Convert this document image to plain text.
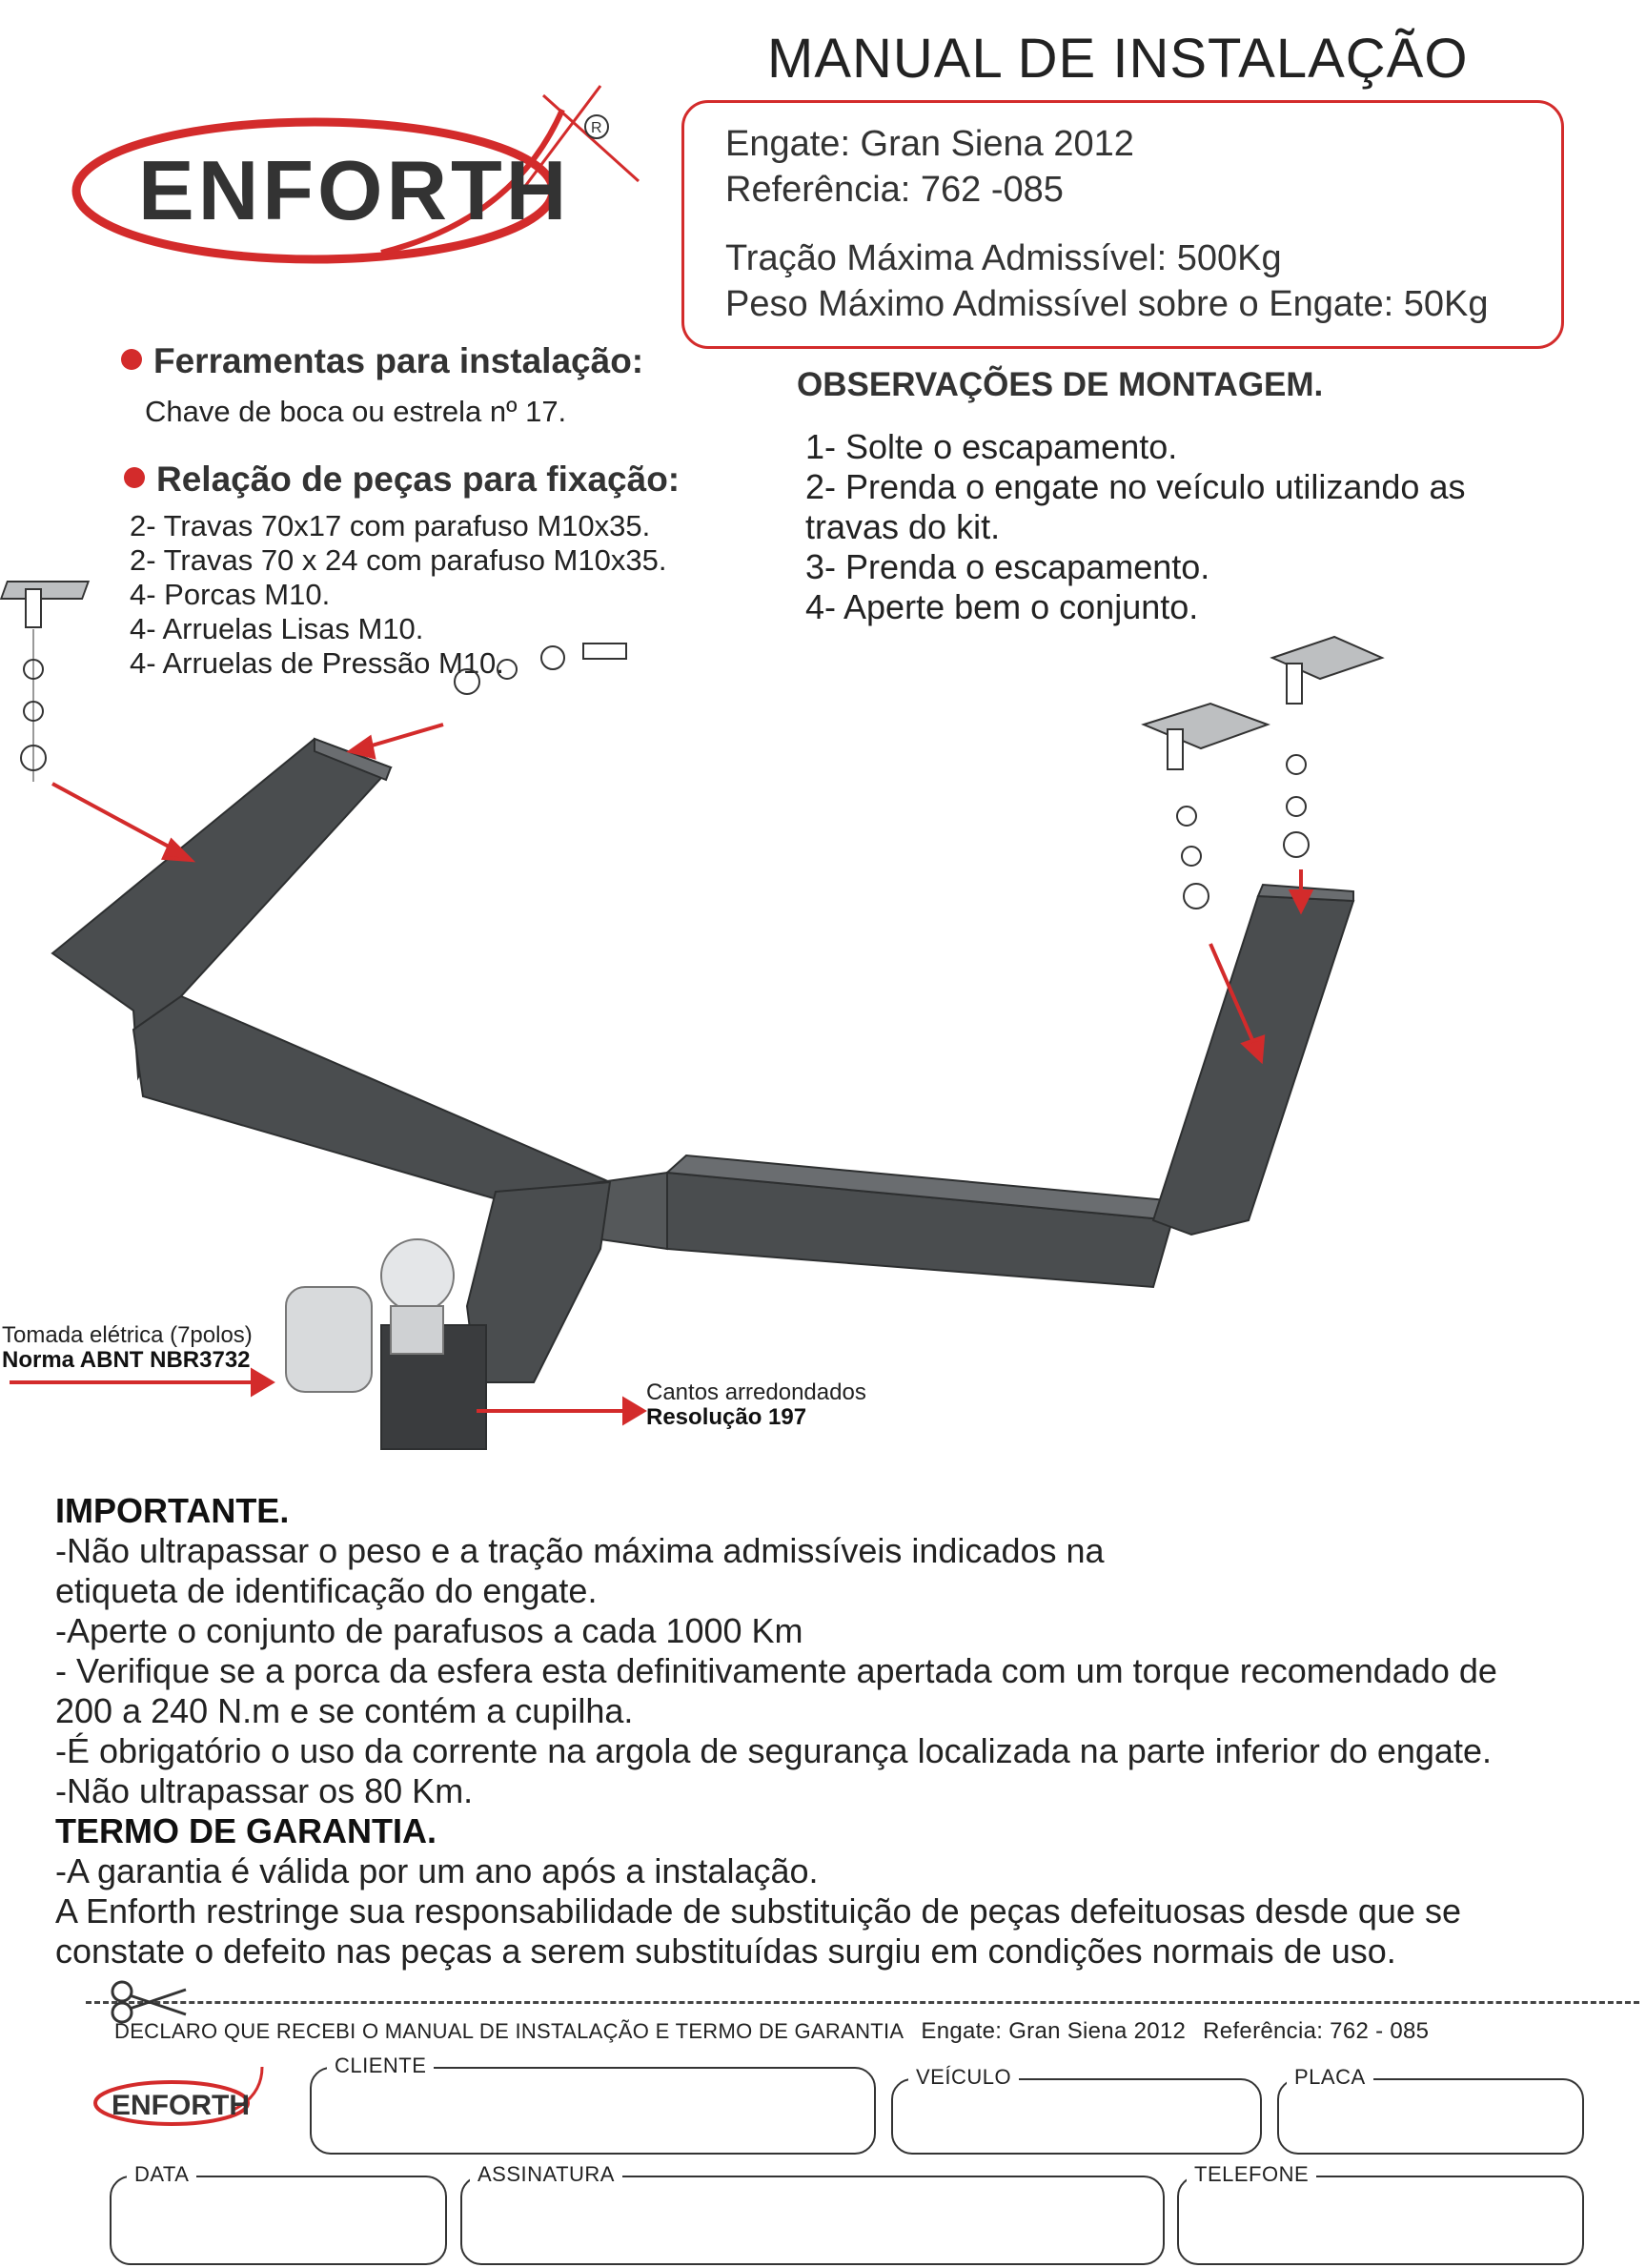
ENFORTH
R
MANUAL DE INSTALAÇÃO
Engate: Gran Siena 2012
Referência: 762 -085
Tração Máxima Admissível: 500Kg
Peso Máximo Admissível sobre o Engate: 50Kg
Ferramentas para instalação:
Chave de boca ou estrela nº 17.
Relação de peças para fixação:
2- Travas 70x17 com parafuso M10x35.
2- Travas 70 x 24 com parafuso M10x35.
4- Porcas M10.
4- Arruelas Lisas M10.
4- Arruelas de Pressão M10.
OBSERVAÇÕES DE MONTAGEM.
1- Solte o escapamento.
2- Prenda o engate no veículo utilizando as
travas do kit.
3- Prenda o escapamento.
4- Aperte bem o conjunto.
Tomada elétrica (7polos)
Norma ABNT NBR3732
Cantos arredondados
Resolução 197
IMPORTANTE.
-Não ultrapassar o peso e a tração máxima admissíveis indicados na
etiqueta de identificação do engate.
-Aperte o conjunto de parafusos a cada 1000 Km
- Verifique se a porca da esfera esta definitivamente apertada com um torque recomendado de
200 a 240 N.m e se contém a cupilha.
-É obrigatório o uso da corrente na argola de segurança localizada na parte inferior do engate.
-Não ultrapassar os 80 Km.
TERMO DE GARANTIA.
-A garantia é válida por um ano após a instalação.
A Enforth restringe sua responsabilidade de substituição de peças defeituosas desde que se
constate o defeito nas peças a serem substituídas surgiu em condições normais de uso.
DECLARO QUE RECEBI O MANUAL DE INSTALAÇÃO E TERMO DE GARANTIA Engate: Gran Siena 2012 Referência: 762 - 085
ENFORTH
CLIENTE	VEÍCULO	PLACA
DATA	ASSINATURA	TELEFONE
